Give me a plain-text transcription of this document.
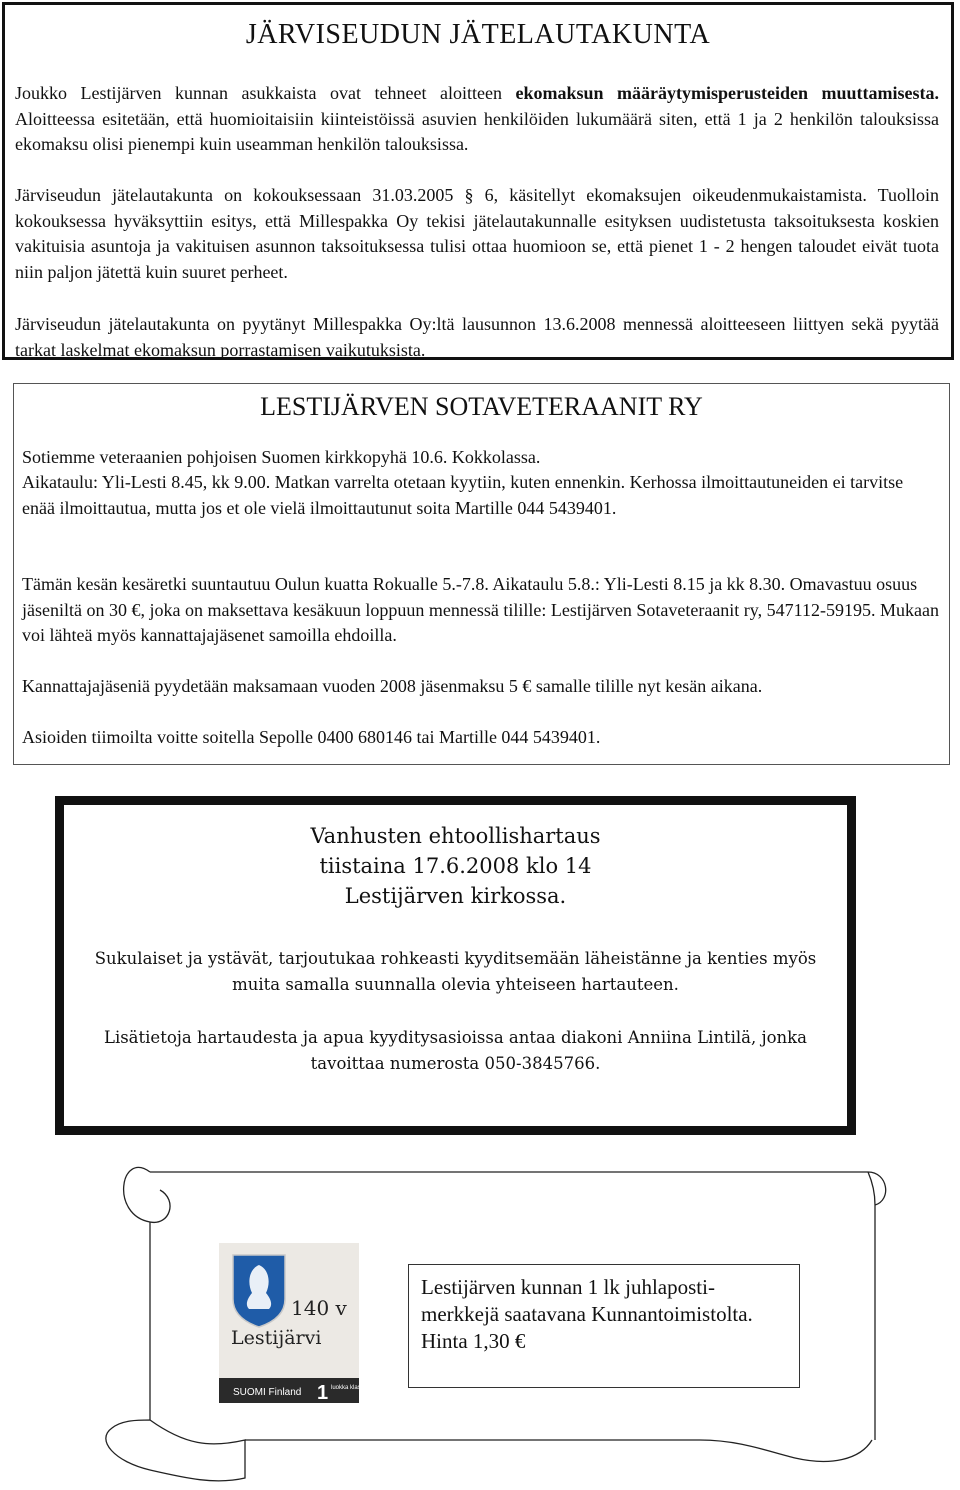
JÄRVISEUDUN JÄTELAUTAKUNTA
Joukko Lestijärven kunnan asukkaista ovat tehneet aloitteen ekomaksun määräytymisperusteiden muuttamisesta. Aloitteessa esitetään, että huomioitaisiin kiinteistöissä asuvien henkilöiden lukumäärä siten, että 1 ja 2 henkilön talouksissa ekomaksu olisi pienempi kuin useamman henkilön talouksissa.
Järviseudun jätelautakunta on kokouksessaan 31.03.2005 § 6, käsitellyt ekomaksujen oikeudenmukaistamista. Tuolloin kokouksessa hyväksyttiin esitys, että Millespakka Oy tekisi jätelautakunnalle esityksen uudistetusta taksoituksesta koskien vakituisia asuntoja ja vakituisen asunnon taksoituksessa tulisi ottaa huomioon se, että pienet 1 - 2 hengen taloudet eivät tuota niin paljon jätettä kuin suuret perheet.
Järviseudun jätelautakunta on pyytänyt Millespakka Oy:ltä lausunnon 13.6.2008 mennessä aloitteeseen liittyen sekä pyytää tarkat laskelmat ekomaksun porrastamisen vaikutuksista.
LESTIJÄRVEN SOTAVETERAANIT RY
Sotiemme veteraanien pohjoisen Suomen kirkkopyhä 10.6. Kokkolassa.
Aikataulu: Yli-Lesti 8.45, kk 9.00. Matkan varrelta otetaan kyytiin, kuten ennenkin. Kerhossa ilmoittautuneiden ei tarvitse enää ilmoittautua, mutta jos et ole vielä ilmoittautunut soita Martille 044 5439401.
Tämän kesän kesäretki suuntautuu Oulun kuatta Rokualle 5.-7.8. Aikataulu 5.8.: Yli-Lesti 8.15 ja kk 8.30. Omavastuu osuus jäseniltä on 30 €, joka on maksettava kesäkuun loppuun mennessä tilille: Lestijärven Sotaveteraanit ry, 547112-59195. Mukaan voi lähteä myös kannattajajäsenet samoilla ehdoilla.
Kannattajajäseniä pyydetään maksamaan vuoden 2008 jäsenmaksu 5 € samalle tilille nyt kesän aikana.
Asioiden tiimoilta voitte soitella Sepolle 0400 680146 tai Martille 044 5439401.
Vanhusten ehtoollishartaus
tiistaina 17.6.2008 klo 14
Lestijärven kirkossa.
Sukulaiset ja ystävät, tarjoutukaa rohkeasti kyyditsemään läheistänne ja kenties myös muita samalla suunnalla olevia yhteiseen hartauteen.
Lisätietoja hartaudesta ja apua kyyditysasioissa antaa diakoni Anniina Lintilä, jonka tavoittaa numerosta 050-3845766.
140 v
Lestijärvi
SUOMI Finland 1 luokka klass
Lestijärven kunnan 1 lk juhlaposti-
merkkejä saatavana Kunnantoimistolta.
Hinta 1,30 €
